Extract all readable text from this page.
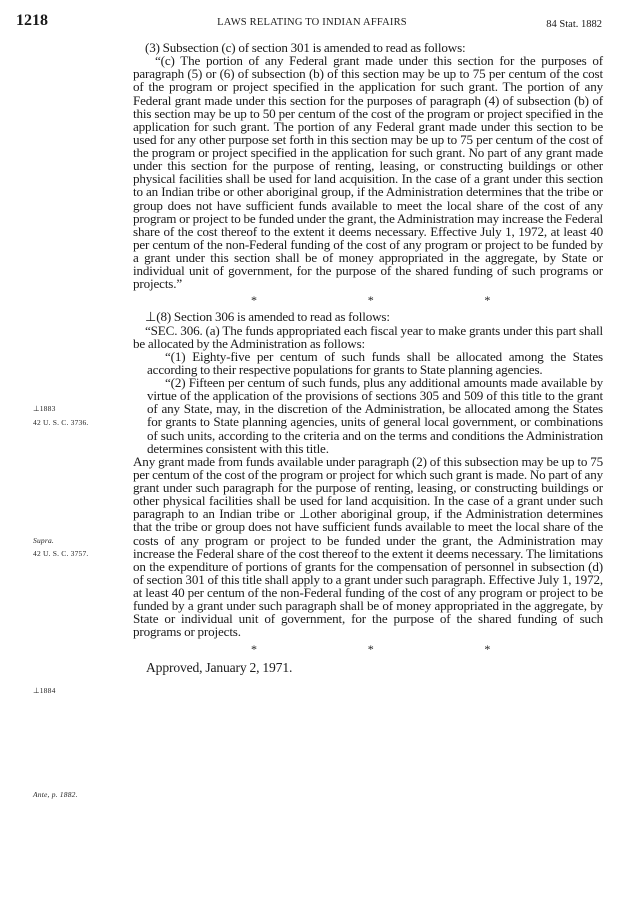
1218	LAWS RELATING TO INDIAN AFFAIRS	84 Stat. 1882
⊥1883
42 U. S. C. 3736.
Supra.
42 U. S. C. 3757.
⊥1884
Ante, p. 1882.

(3) Subsection (c) of section 301 is amended to read as follows:

“(c) The portion of any Federal grant made under this section for the purposes of paragraph (5) or (6) of subsection (b) of this section may be up to 75 per centum of the cost of the program or project specified in the application for such grant. The portion of any Federal grant made under this section for the purposes of paragraph (4) of subsection (b) of this section may be up to 50 per centum of the cost of the program or project specified in the application for such grant. The portion of any Federal grant made under this section to be used for any other purpose set forth in this section may be up to 75 per centum of the cost of the program or project specified in the application for such grant. No part of any grant made under this section for the purpose of renting, leasing, or constructing buildings or other physical facilities shall be used for land acquisition. In the case of a grant under this section to an Indian tribe or other aboriginal group, if the Administration determines that the tribe or group does not have sufficient funds available to meet the local share of the cost of any program or project to be funded under the grant, the Administration may increase the Federal share of the cost thereof to the extent it deems necessary. Effective July 1, 1972, at least 40 per centum of the non-Federal funding of the cost of any program or project to be funded by a grant under this section shall be of money appropriated in the aggregate, by State or individual unit of government, for the purpose of the shared funding of such programs or projects.”

* * *

⊥(8) Section 306 is amended to read as follows:

“SEC. 306. (a) The funds appropriated each fiscal year to make grants under this part shall be allocated by the Administration as follows:

“(1) Eighty-five per centum of such funds shall be allocated among the States according to their respective populations for grants to State planning agencies.

“(2) Fifteen per centum of such funds, plus any additional amounts made available by virtue of the application of the provisions of sections 305 and 509 of this title to the grant of any State, may, in the discretion of the Administration, be allocated among the States for grants to State planning agencies, units of general local government, or combinations of such units, according to the criteria and on the terms and conditions the Administration determines consistent with this title.

Any grant made from funds available under paragraph (2) of this subsection may be up to 75 per centum of the cost of the program or project for which such grant is made. No part of any grant under such paragraph for the purpose of renting, leasing, or constructing buildings or other physical facilities shall be used for land acquisition. In the case of a grant under such paragraph to an Indian tribe or ⊥other aboriginal group, if the Administration determines that the tribe or group does not have sufficient funds available to meet the local share of the costs of any program or project to be funded under the grant, the Administration may increase the Federal share of the cost thereof to the extent it deems necessary. The limitations on the expenditure of portions of grants for the compensation of personnel in subsection (d) of section 301 of this title shall apply to a grant under such paragraph. Effective July 1, 1972, at least 40 per centum of the non-Federal funding of the cost of any program or project to be funded by a grant under such paragraph shall be of money appropriated in the aggregate, by State or individual unit of government, for the purpose of the shared funding of such programs or projects.

* * *

Approved, January 2, 1971.
